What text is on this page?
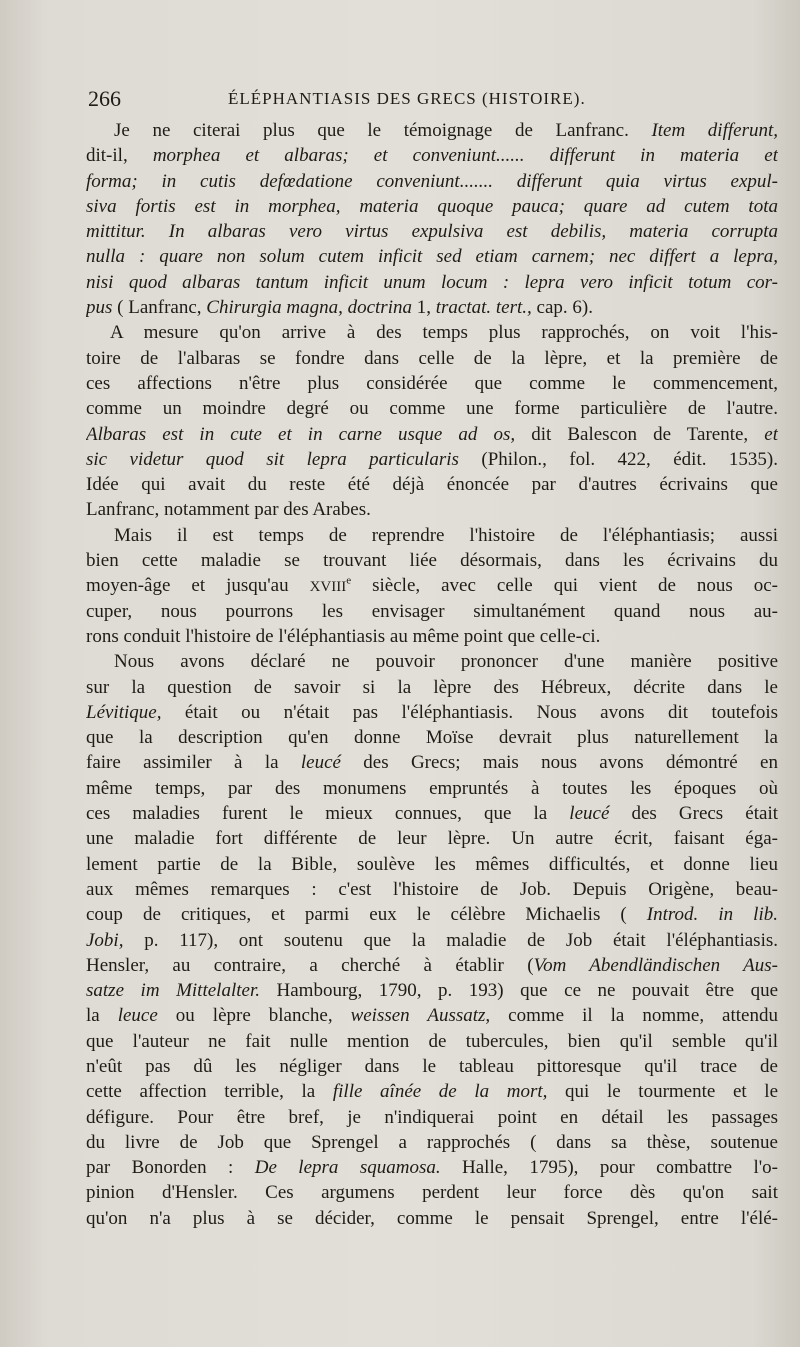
266	ÉLÉPHANTIASIS DES GRECS (HISTOIRE).
Je ne citerai plus que le témoignage de Lanfranc. Item differunt,
dit-il, morphea et albaras; et conveniunt...... differunt in materia et
forma; in cutis defœdatione conveniunt....... differunt quia virtus expul-
siva fortis est in morphea, materia quoque pauca; quare ad cutem tota
mittitur. In albaras vero virtus expulsiva est debilis, materia corrupta
nulla : quare non solum cutem inficit sed etiam carnem; nec differt a lepra,
nisi quod albaras tantum inficit unum locum : lepra vero inficit totum cor-
pus ( Lanfranc, Chirurgia magna, doctrina 1, tractat. tert., cap. 6).
A mesure qu'on arrive à des temps plus rapprochés, on voit l'his-
toire de l'albaras se fondre dans celle de la lèpre, et la première de
ces affections n'être plus considérée que comme le commencement,
comme un moindre degré ou comme une forme particulière de l'autre.
Albaras est in cute et in carne usque ad os, dit Balescon de Tarente, et
sic videtur quod sit lepra particularis (Philon., fol. 422, édit. 1535).
Idée qui avait du reste été déjà énoncée par d'autres écrivains que
Lanfranc, notamment par des Arabes.
Mais il est temps de reprendre l'histoire de l'éléphantiasis; aussi
bien cette maladie se trouvant liée désormais, dans les écrivains du
moyen-âge et jusqu'au XVIIIe siècle, avec celle qui vient de nous oc-
cuper, nous pourrons les envisager simultanément quand nous au-
rons conduit l'histoire de l'éléphantiasis au même point que celle-ci.
Nous avons déclaré ne pouvoir prononcer d'une manière positive
sur la question de savoir si la lèpre des Hébreux, décrite dans le
Lévitique, était ou n'était pas l'éléphantiasis. Nous avons dit toutefois
que la description qu'en donne Moïse devrait plus naturellement la
faire assimiler à la leucé des Grecs; mais nous avons démontré en
même temps, par des monumens empruntés à toutes les époques où
ces maladies furent le mieux connues, que la leucé des Grecs était
une maladie fort différente de leur lèpre. Un autre écrit, faisant éga-
lement partie de la Bible, soulève les mêmes difficultés, et donne lieu
aux mêmes remarques : c'est l'histoire de Job. Depuis Origène, beau-
coup de critiques, et parmi eux le célèbre Michaelis ( Introd. in lib.
Jobi, p. 117), ont soutenu que la maladie de Job était l'éléphantiasis.
Hensler, au contraire, a cherché à établir (Vom Abendländischen Aus-
satze im Mittelalter. Hambourg, 1790, p. 193) que ce ne pouvait être que
la leuce ou lèpre blanche, weissen Aussatz, comme il la nomme, attendu
que l'auteur ne fait nulle mention de tubercules, bien qu'il semble qu'il
n'eût pas dû les négliger dans le tableau pittoresque qu'il trace de
cette affection terrible, la fille aînée de la mort, qui le tourmente et le
défigure. Pour être bref, je n'indiquerai point en détail les passages
du livre de Job que Sprengel a rapprochés ( dans sa thèse, soutenue
par Bonorden : De lepra squamosa. Halle, 1795), pour combattre l'o-
pinion d'Hensler. Ces argumens perdent leur force dès qu'on sait
qu'on n'a plus à se décider, comme le pensait Sprengel, entre l'élé-
